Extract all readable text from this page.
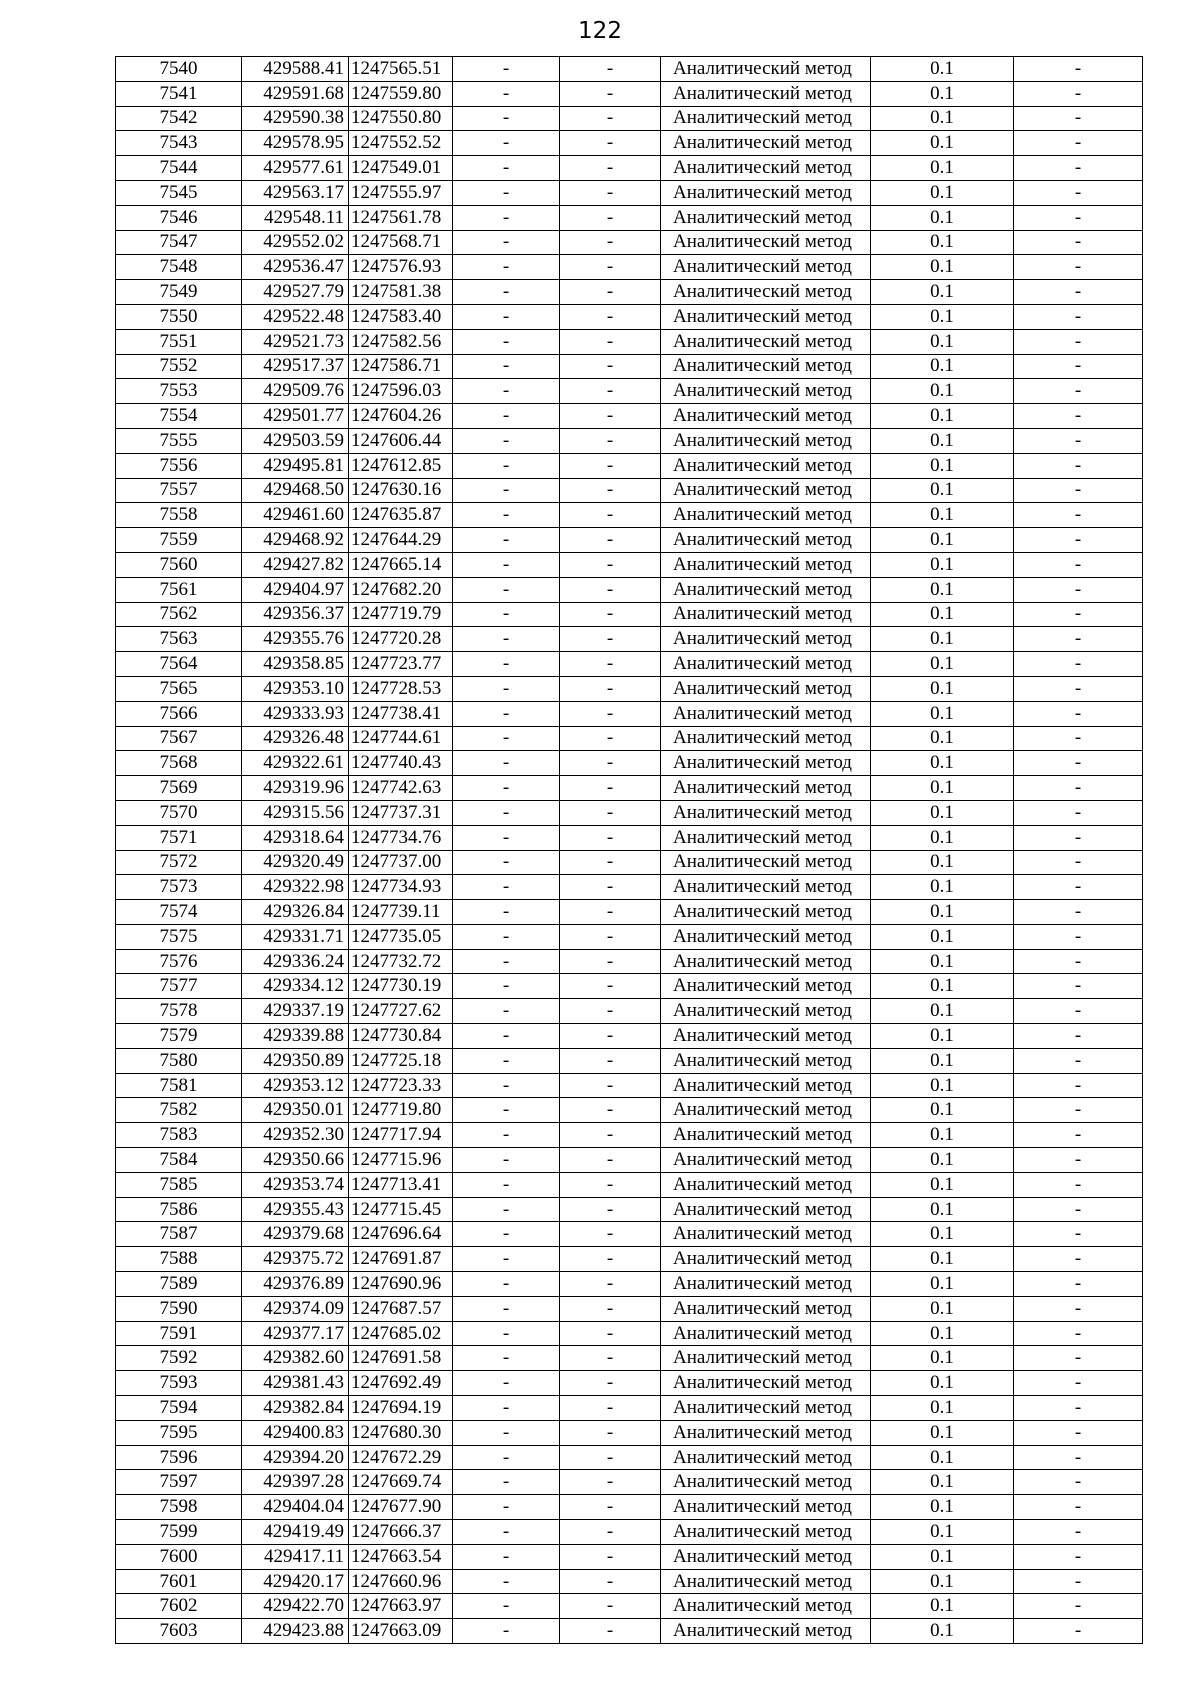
122
7540	429588.41	1247565.51	-	-	Аналитический метод	0.1	-
7541	429591.68	1247559.80	-	-	Аналитический метод	0.1	-
7542	429590.38	1247550.80	-	-	Аналитический метод	0.1	-
7543	429578.95	1247552.52	-	-	Аналитический метод	0.1	-
7544	429577.61	1247549.01	-	-	Аналитический метод	0.1	-
7545	429563.17	1247555.97	-	-	Аналитический метод	0.1	-
7546	429548.11	1247561.78	-	-	Аналитический метод	0.1	-
7547	429552.02	1247568.71	-	-	Аналитический метод	0.1	-
7548	429536.47	1247576.93	-	-	Аналитический метод	0.1	-
7549	429527.79	1247581.38	-	-	Аналитический метод	0.1	-
7550	429522.48	1247583.40	-	-	Аналитический метод	0.1	-
7551	429521.73	1247582.56	-	-	Аналитический метод	0.1	-
7552	429517.37	1247586.71	-	-	Аналитический метод	0.1	-
7553	429509.76	1247596.03	-	-	Аналитический метод	0.1	-
7554	429501.77	1247604.26	-	-	Аналитический метод	0.1	-
7555	429503.59	1247606.44	-	-	Аналитический метод	0.1	-
7556	429495.81	1247612.85	-	-	Аналитический метод	0.1	-
7557	429468.50	1247630.16	-	-	Аналитический метод	0.1	-
7558	429461.60	1247635.87	-	-	Аналитический метод	0.1	-
7559	429468.92	1247644.29	-	-	Аналитический метод	0.1	-
7560	429427.82	1247665.14	-	-	Аналитический метод	0.1	-
7561	429404.97	1247682.20	-	-	Аналитический метод	0.1	-
7562	429356.37	1247719.79	-	-	Аналитический метод	0.1	-
7563	429355.76	1247720.28	-	-	Аналитический метод	0.1	-
7564	429358.85	1247723.77	-	-	Аналитический метод	0.1	-
7565	429353.10	1247728.53	-	-	Аналитический метод	0.1	-
7566	429333.93	1247738.41	-	-	Аналитический метод	0.1	-
7567	429326.48	1247744.61	-	-	Аналитический метод	0.1	-
7568	429322.61	1247740.43	-	-	Аналитический метод	0.1	-
7569	429319.96	1247742.63	-	-	Аналитический метод	0.1	-
7570	429315.56	1247737.31	-	-	Аналитический метод	0.1	-
7571	429318.64	1247734.76	-	-	Аналитический метод	0.1	-
7572	429320.49	1247737.00	-	-	Аналитический метод	0.1	-
7573	429322.98	1247734.93	-	-	Аналитический метод	0.1	-
7574	429326.84	1247739.11	-	-	Аналитический метод	0.1	-
7575	429331.71	1247735.05	-	-	Аналитический метод	0.1	-
7576	429336.24	1247732.72	-	-	Аналитический метод	0.1	-
7577	429334.12	1247730.19	-	-	Аналитический метод	0.1	-
7578	429337.19	1247727.62	-	-	Аналитический метод	0.1	-
7579	429339.88	1247730.84	-	-	Аналитический метод	0.1	-
7580	429350.89	1247725.18	-	-	Аналитический метод	0.1	-
7581	429353.12	1247723.33	-	-	Аналитический метод	0.1	-
7582	429350.01	1247719.80	-	-	Аналитический метод	0.1	-
7583	429352.30	1247717.94	-	-	Аналитический метод	0.1	-
7584	429350.66	1247715.96	-	-	Аналитический метод	0.1	-
7585	429353.74	1247713.41	-	-	Аналитический метод	0.1	-
7586	429355.43	1247715.45	-	-	Аналитический метод	0.1	-
7587	429379.68	1247696.64	-	-	Аналитический метод	0.1	-
7588	429375.72	1247691.87	-	-	Аналитический метод	0.1	-
7589	429376.89	1247690.96	-	-	Аналитический метод	0.1	-
7590	429374.09	1247687.57	-	-	Аналитический метод	0.1	-
7591	429377.17	1247685.02	-	-	Аналитический метод	0.1	-
7592	429382.60	1247691.58	-	-	Аналитический метод	0.1	-
7593	429381.43	1247692.49	-	-	Аналитический метод	0.1	-
7594	429382.84	1247694.19	-	-	Аналитический метод	0.1	-
7595	429400.83	1247680.30	-	-	Аналитический метод	0.1	-
7596	429394.20	1247672.29	-	-	Аналитический метод	0.1	-
7597	429397.28	1247669.74	-	-	Аналитический метод	0.1	-
7598	429404.04	1247677.90	-	-	Аналитический метод	0.1	-
7599	429419.49	1247666.37	-	-	Аналитический метод	0.1	-
7600	429417.11	1247663.54	-	-	Аналитический метод	0.1	-
7601	429420.17	1247660.96	-	-	Аналитический метод	0.1	-
7602	429422.70	1247663.97	-	-	Аналитический метод	0.1	-
7603	429423.88	1247663.09	-	-	Аналитический метод	0.1	-
